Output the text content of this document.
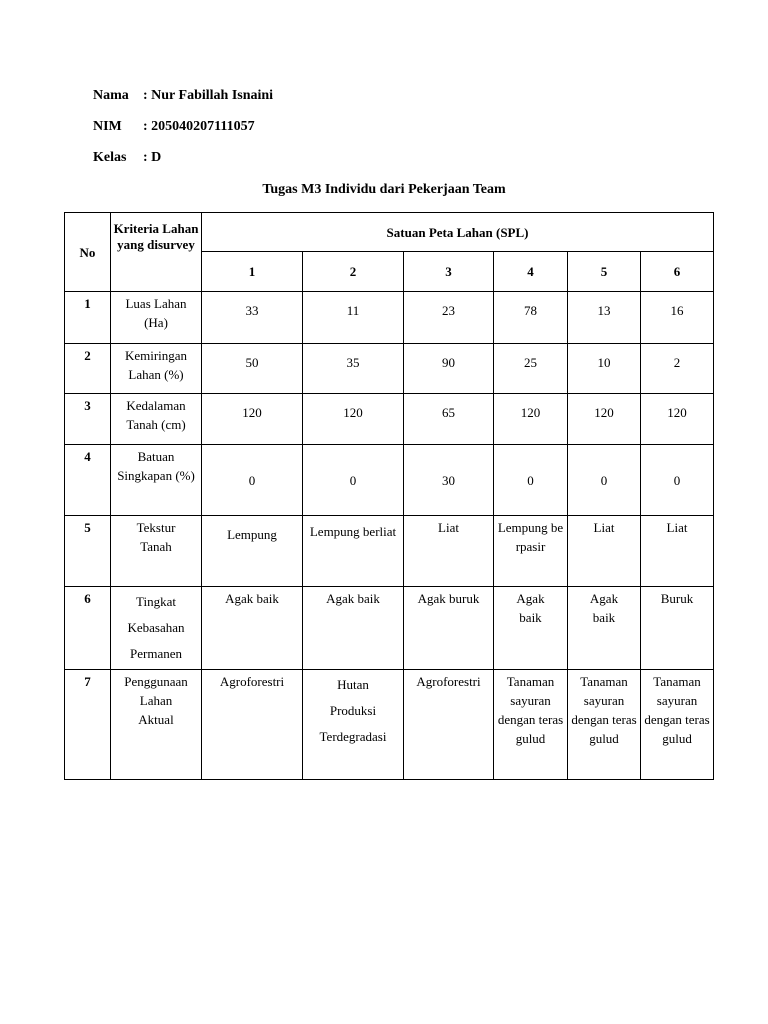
Nama : Nur Fabillah Isnaini
NIM : 205040207111057
Kelas : D
Tugas M3 Individu dari Pekerjaan Team
No	Kriteria Lahan yang disurvey	Satuan Peta Lahan (SPL)					
		1	2	3	4	5	6
1	Luas Lahan (Ha)	33	11	23	78	13	16
2	Kemiringan Lahan (%)	50	35	90	25	10	2
3	Kedalaman Tanah (cm)	120	120	65	120	120	120
4	Batuan Singkapan (%)	0	0	30	0	0	0
5	Tekstur Tanah	Lempung	Lempung berliat	Liat	Lempung berpasir	Liat	Liat
6	Tingkat Kebasahan Permanen	Agak baik	Agak baik	Agak buruk	Agak baik	Agak baik	Buruk
7	Penggunaan Lahan Aktual	Agroforestri	Hutan Produksi Terdegradasi	Agroforestri	Tanaman sayuran dengan teras gulud	Tanaman sayuran dengan teras gulud	Tanaman sayuran dengan teras gulud
